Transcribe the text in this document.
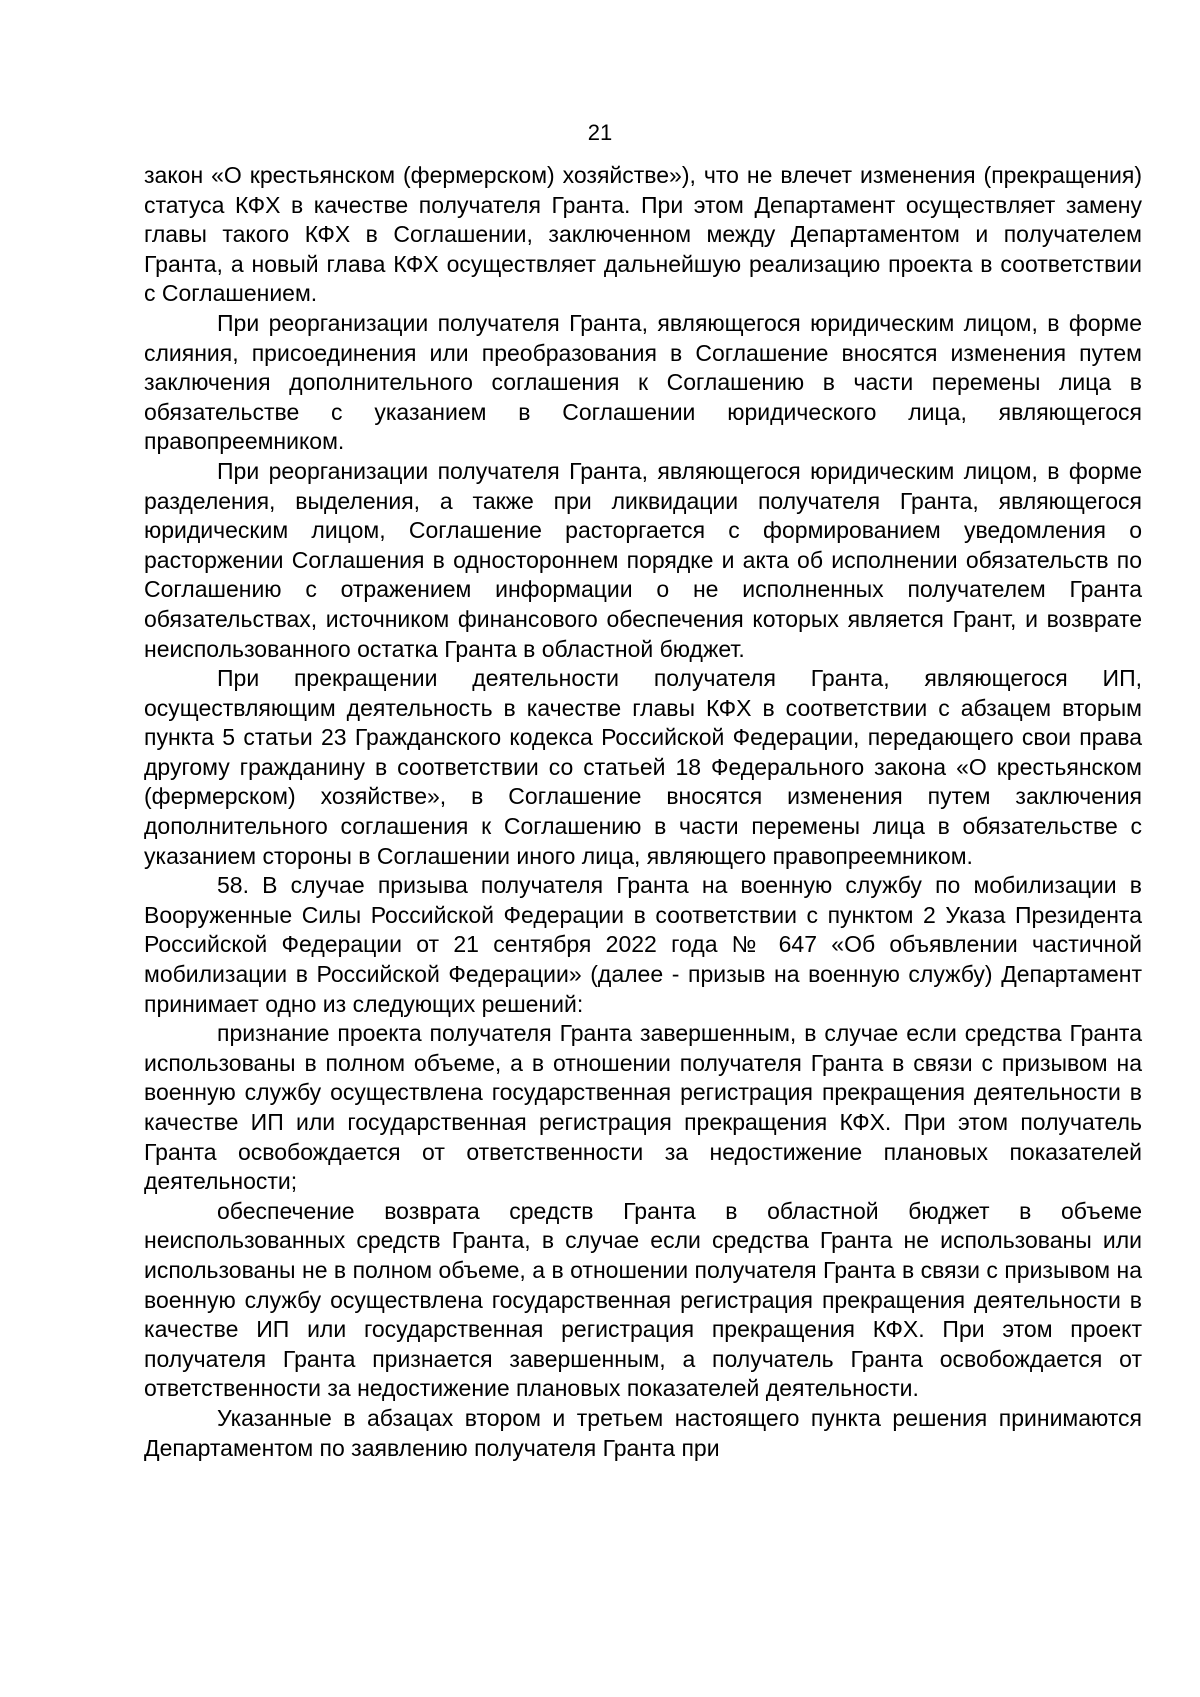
21

закон «О крестьянском (фермерском) хозяйстве»), что не влечет изменения (прекращения) статуса КФХ в качестве получателя Гранта. При этом Департамент осуществляет замену главы такого КФХ в Соглашении, заключенном между Департаментом и получателем Гранта, а новый глава КФХ осуществляет дальнейшую реализацию проекта в соответствии с Соглашением.

При реорганизации получателя Гранта, являющегося юридическим лицом, в форме слияния, присоединения или преобразования в Соглашение вносятся изменения путем заключения дополнительного соглашения к Соглашению в части перемены лица в обязательстве с указанием в Соглашении юридического лица, являющегося правопреемником.

При реорганизации получателя Гранта, являющегося юридическим лицом, в форме разделения, выделения, а также при ликвидации получателя Гранта, являющегося юридическим лицом, Соглашение расторгается с формированием уведомления о расторжении Соглашения в одностороннем порядке и акта об исполнении обязательств по Соглашению с отражением информации о не исполненных получателем Гранта обязательствах, источником финансового обеспечения которых является Грант, и возврате неиспользованного остатка Гранта в областной бюджет.

При прекращении деятельности получателя Гранта, являющегося ИП, осуществляющим деятельность в качестве главы КФХ в соответствии с абзацем вторым пункта 5 статьи 23 Гражданского кодекса Российской Федерации, передающего свои права другому гражданину в соответствии со статьей 18 Федерального закона «О крестьянском (фермерском) хозяйстве», в Соглашение вносятся изменения путем заключения дополнительного соглашения к Соглашению в части перемены лица в обязательстве с указанием стороны в Соглашении иного лица, являющего правопреемником.

58. В случае призыва получателя Гранта на военную службу по мобилизации в Вооруженные Силы Российской Федерации в соответствии с пунктом 2 Указа Президента Российской Федерации от 21 сентября 2022 года № 647 «Об объявлении частичной мобилизации в Российской Федерации» (далее - призыв на военную службу) Департамент принимает одно из следующих решений:

признание проекта получателя Гранта завершенным, в случае если средства Гранта использованы в полном объеме, а в отношении получателя Гранта в связи с призывом на военную службу осуществлена государственная регистрация прекращения деятельности в качестве ИП или государственная регистрация прекращения КФХ. При этом получатель Гранта освобождается от ответственности за недостижение плановых показателей деятельности;

обеспечение возврата средств Гранта в областной бюджет в объеме неиспользованных средств Гранта, в случае если средства Гранта не использованы или использованы не в полном объеме, а в отношении получателя Гранта в связи с призывом на военную службу осуществлена государственная регистрация прекращения деятельности в качестве ИП или государственная регистрация прекращения КФХ. При этом проект получателя Гранта признается завершенным, а получатель Гранта освобождается от ответственности за недостижение плановых показателей деятельности.

Указанные в абзацах втором и третьем настоящего пункта решения принимаются Департаментом по заявлению получателя Гранта при
